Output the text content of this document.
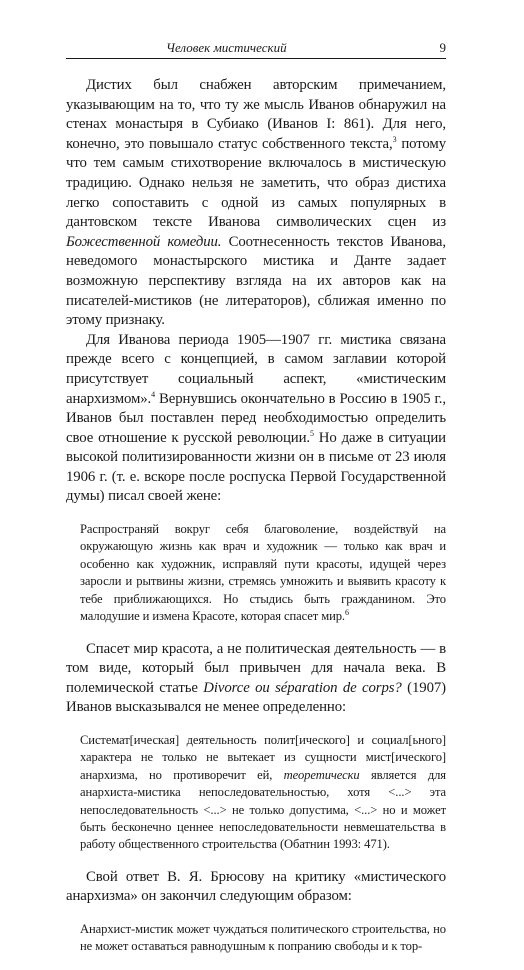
Человек мистический	9

Дистих был снабжен авторским примечанием, указывающим на то, что ту же мысль Иванов обнаружил на стенах монастыря в Субиако (Иванов I: 861). Для него, конечно, это повышало статус собственного текста,$^3$ потому что тем самым стихотворение включалось в мистическую традицию. Однако нельзя не заметить, что образ дистиха легко сопоставить с одной из самых популярных в дантовском тексте Иванова символических сцен из Божественной комедии. Соотнесенность текстов Иванова, неведомого монастырского мистика и Данте задает возможную перспективу взгляда на их авторов как на писателей-мистиков (не литераторов), сближая именно по этому признаку.

Для Иванова периода 1905—1907 гг. мистика связана прежде всего с концепцией, в самом заглавии которой присутствует социальный аспект, «мистическим анархизмом».$^4$ Вернувшись окончательно в Россию в 1905 г., Иванов был поставлен перед необходимостью определить свое отношение к русской революции.$^5$ Но даже в ситуации высокой политизированности жизни он в письме от 23 июля 1906 г. (т. е. вскоре после роспуска Первой Государственной думы) писал своей жене:

Распространяй вокруг себя благоволение, воздействуй на окружающую жизнь как врач и художник — только как врач и особенно как художник, исправляй пути красоты, идущей через заросли и рытвины жизни, стремясь умножить и выявить красоту к тебе приближающихся. Но стыдись быть гражданином. Это малодушие и измена Красоте, которая спасет мир.$^6$

Спасет мир красота, а не политическая деятельность — в том виде, который был привычен для начала века. В полемической статье Divorce ou séparation de corps? (1907) Иванов высказывался не менее определенно:

Системат[ическая] деятельность полит[ического] и социал[ьного] характера не только не вытекает из сущности мист[ического] анархизма, но противоречит ей, теоретически является для анархиста-мистика непоследовательностью, хотя <...> эта непоследовательность <...> не только допустима, <...> но и может быть бесконечно ценнее непоследовательности невмешательства в работу общественного строительства (Обатнин 1993: 471).

Свой ответ В. Я. Брюсову на критику «мистического анархизма» он закончил следующим образом:

Анархист-мистик может чуждаться политического строительства, но не может оставаться равнодушным к попранию свободы и к тор-
